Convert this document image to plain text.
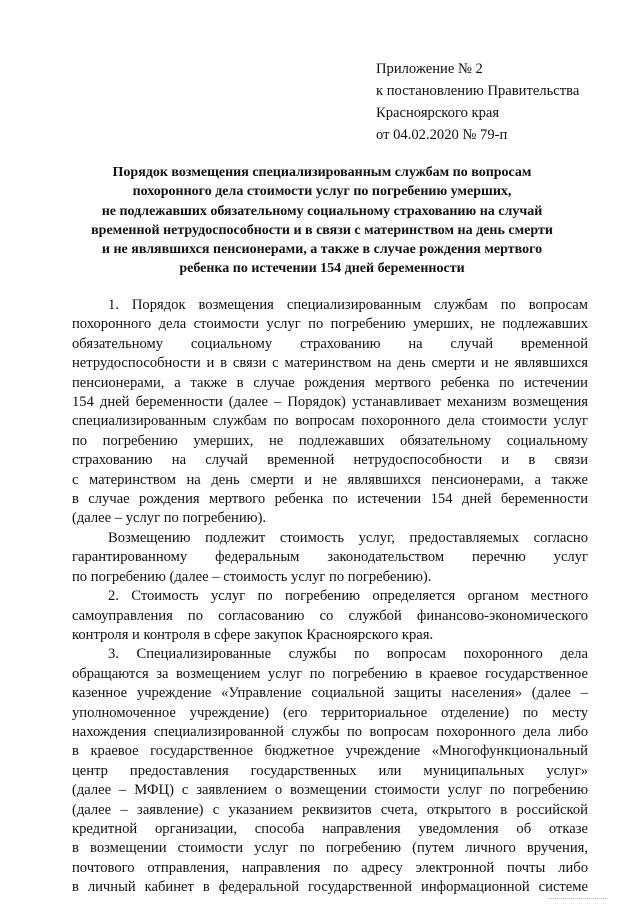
Приложение № 2
к постановлению Правительства
Красноярского края
от 04.02.2020 № 79-п
Порядок возмещения специализированным службам по вопросам
похоронного дела стоимости услуг по погребению умерших,
не подлежавших обязательному социальному страхованию на случай
временной нетрудоспособности и в связи с материнством на день смерти
и не являвшихся пенсионерами, а также в случае рождения мертвого
ребенка по истечении 154 дней беременности
1. Порядок возмещения специализированным службам по вопросам
похоронного дела стоимости услуг по погребению умерших, не подлежавших
обязательному социальному страхованию на случай временной
нетрудоспособности и в связи с материнством на день смерти и не являвшихся
пенсионерами, а также в случае рождения мертвого ребенка по истечении
154 дней беременности (далее – Порядок) устанавливает механизм возмещения
специализированным службам по вопросам похоронного дела стоимости услуг
по погребению умерших, не подлежавших обязательному социальному
страхованию на случай временной нетрудоспособности и в связи
с материнством на день смерти и не являвшихся пенсионерами, а также
в случае рождения мертвого ребенка по истечении 154 дней беременности
(далее – услуг по погребению).
Возмещению подлежит стоимость услуг, предоставляемых согласно
гарантированному федеральным законодательством перечню услуг
по погребению (далее – стоимость услуг по погребению).
2. Стоимость услуг по погребению определяется органом местного
самоуправления по согласованию со службой финансово-экономического
контроля и контроля в сфере закупок Красноярского края.
3. Специализированные службы по вопросам похоронного дела
обращаются за возмещением услуг по погребению в краевое государственное
казенное учреждение «Управление социальной защиты населения» (далее –
уполномоченное учреждение) (его территориальное отделение) по месту
нахождения специализированной службы по вопросам похоронного дела либо
в краевое государственное бюджетное учреждение «Многофункциональный
центр предоставления государственных или муниципальных услуг»
(далее – МФЦ) с заявлением о возмещении стоимости услуг по погребению
(далее – заявление) с указанием реквизитов счета, открытого в российской
кредитной организации, способа направления уведомления об отказе
в возмещении стоимости услуг по погребению (путем личного вручения,
почтового отправления, направления по адресу электронной почты либо
в личный кабинет в федеральной государственной информационной системе
